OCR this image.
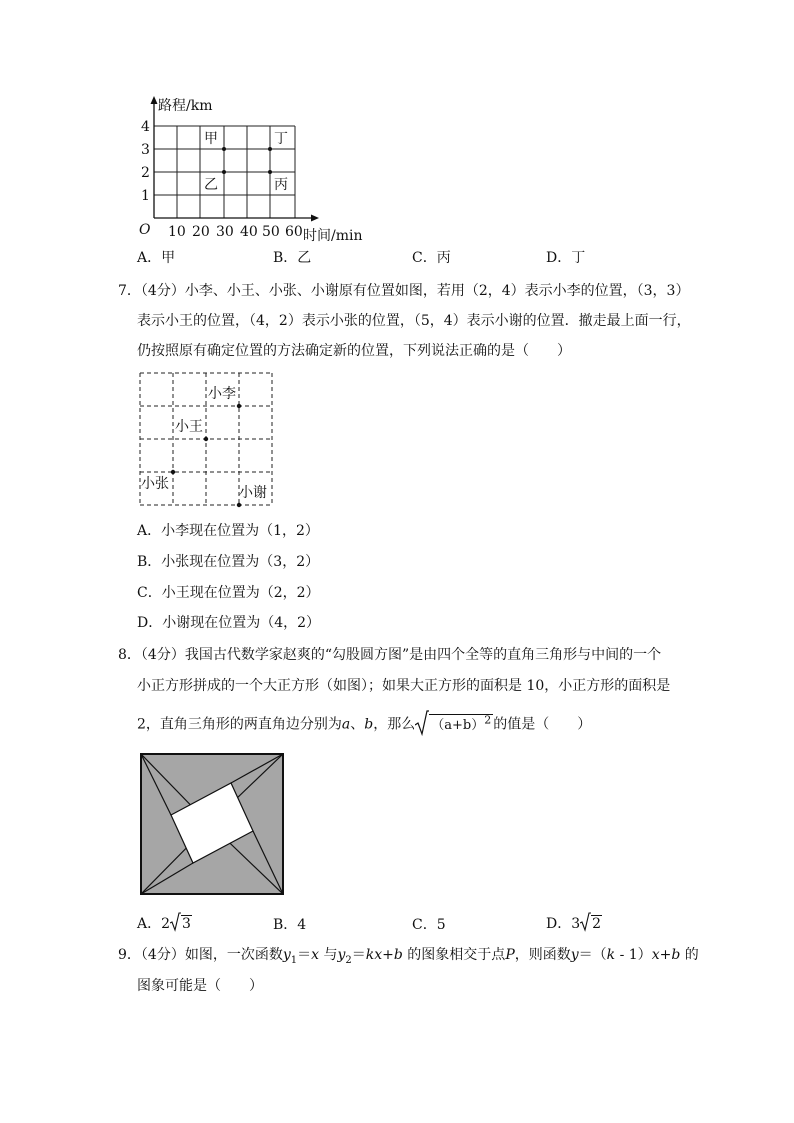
路程/km
4
3
2
1
O 10 20 30 40 50 60 时间/min
甲	丁
乙	丙
A．甲	B．乙	C．丙	D．丁
7．（4分）小李、小王、小张、小谢原有位置如图，若用（2，4）表示小李的位置，（3，3）
表示小王的位置，（4，2）表示小张的位置，（5，4）表示小谢的位置．撤走最上面一行，
仍按照原有确定位置的方法确定新的位置，下列说法正确的是（　　）
小李
小王
小张
小谢
A．小李现在位置为（1，2）
B．小张现在位置为（3，2）
C．小王现在位置为（2，2）
D．小谢现在位置为（4，2）
8．（4分）我国古代数学家赵爽的“勾股圆方图”是由四个全等的直角三角形与中间的一个
小正方形拼成的一个大正方形（如图）；如果大正方形的面积是 10，小正方形的面积是
2，直角三角形的两直角边分别为a、b，那么 $(a+b)^2$ 的值是（　　）
A．2 3	B．4	C．5	D．3 2
9．（4分）如图，一次函数$y_1=x$ 与$y_2=kx+b$ 的图象相交于点P，则函数y＝（k - 1）x+b 的
图象可能是（　　）
